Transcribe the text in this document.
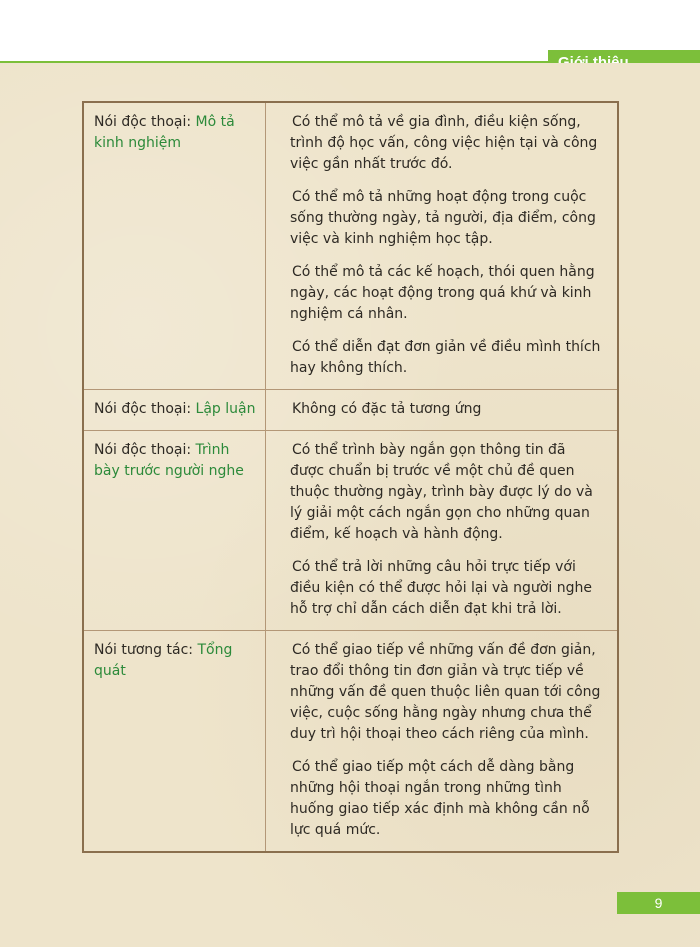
Nói độc thoại: Mô tả kinh nghiệm	Có thể mô tả về gia đình, điều kiện sống, trình độ học vấn, công việc hiện tại và công việc gần nhất trước đó.

Có thể mô tả những hoạt động trong cuộc sống thường ngày, tả người, địa điểm, công việc và kinh nghiệm học tập.

Có thể mô tả các kế hoạch, thói quen hằng ngày, các hoạt động trong quá khứ và kinh nghiệm cá nhân.

Có thể diễn đạt đơn giản về điều mình thích hay không thích.

Nói độc thoại: Lập luận	Không có đặc tả tương ứng

Nói độc thoại: Trình bày trước người nghe	Có thể trình bày ngắn gọn thông tin đã được chuẩn bị trước về một chủ đề quen thuộc thường ngày, trình bày được lý do và lý giải một cách ngắn gọn cho những quan điểm, kế hoạch và hành động.

Có thể trả lời những câu hỏi trực tiếp với điều kiện có thể được hỏi lại và người nghe hỗ trợ chỉ dẫn cách diễn đạt khi trả lời.

Nói tương tác: Tổng quát	Có thể giao tiếp về những vấn đề đơn giản, trao đổi thông tin đơn giản và trực tiếp về những vấn đề quen thuộc liên quan tới công việc, cuộc sống hằng ngày nhưng chưa thể duy trì hội thoại theo cách riêng của mình.

Có thể giao tiếp một cách dễ dàng bằng những hội thoại ngắn trong những tình huống giao tiếp xác định mà không cần nỗ lực quá mức.

9
